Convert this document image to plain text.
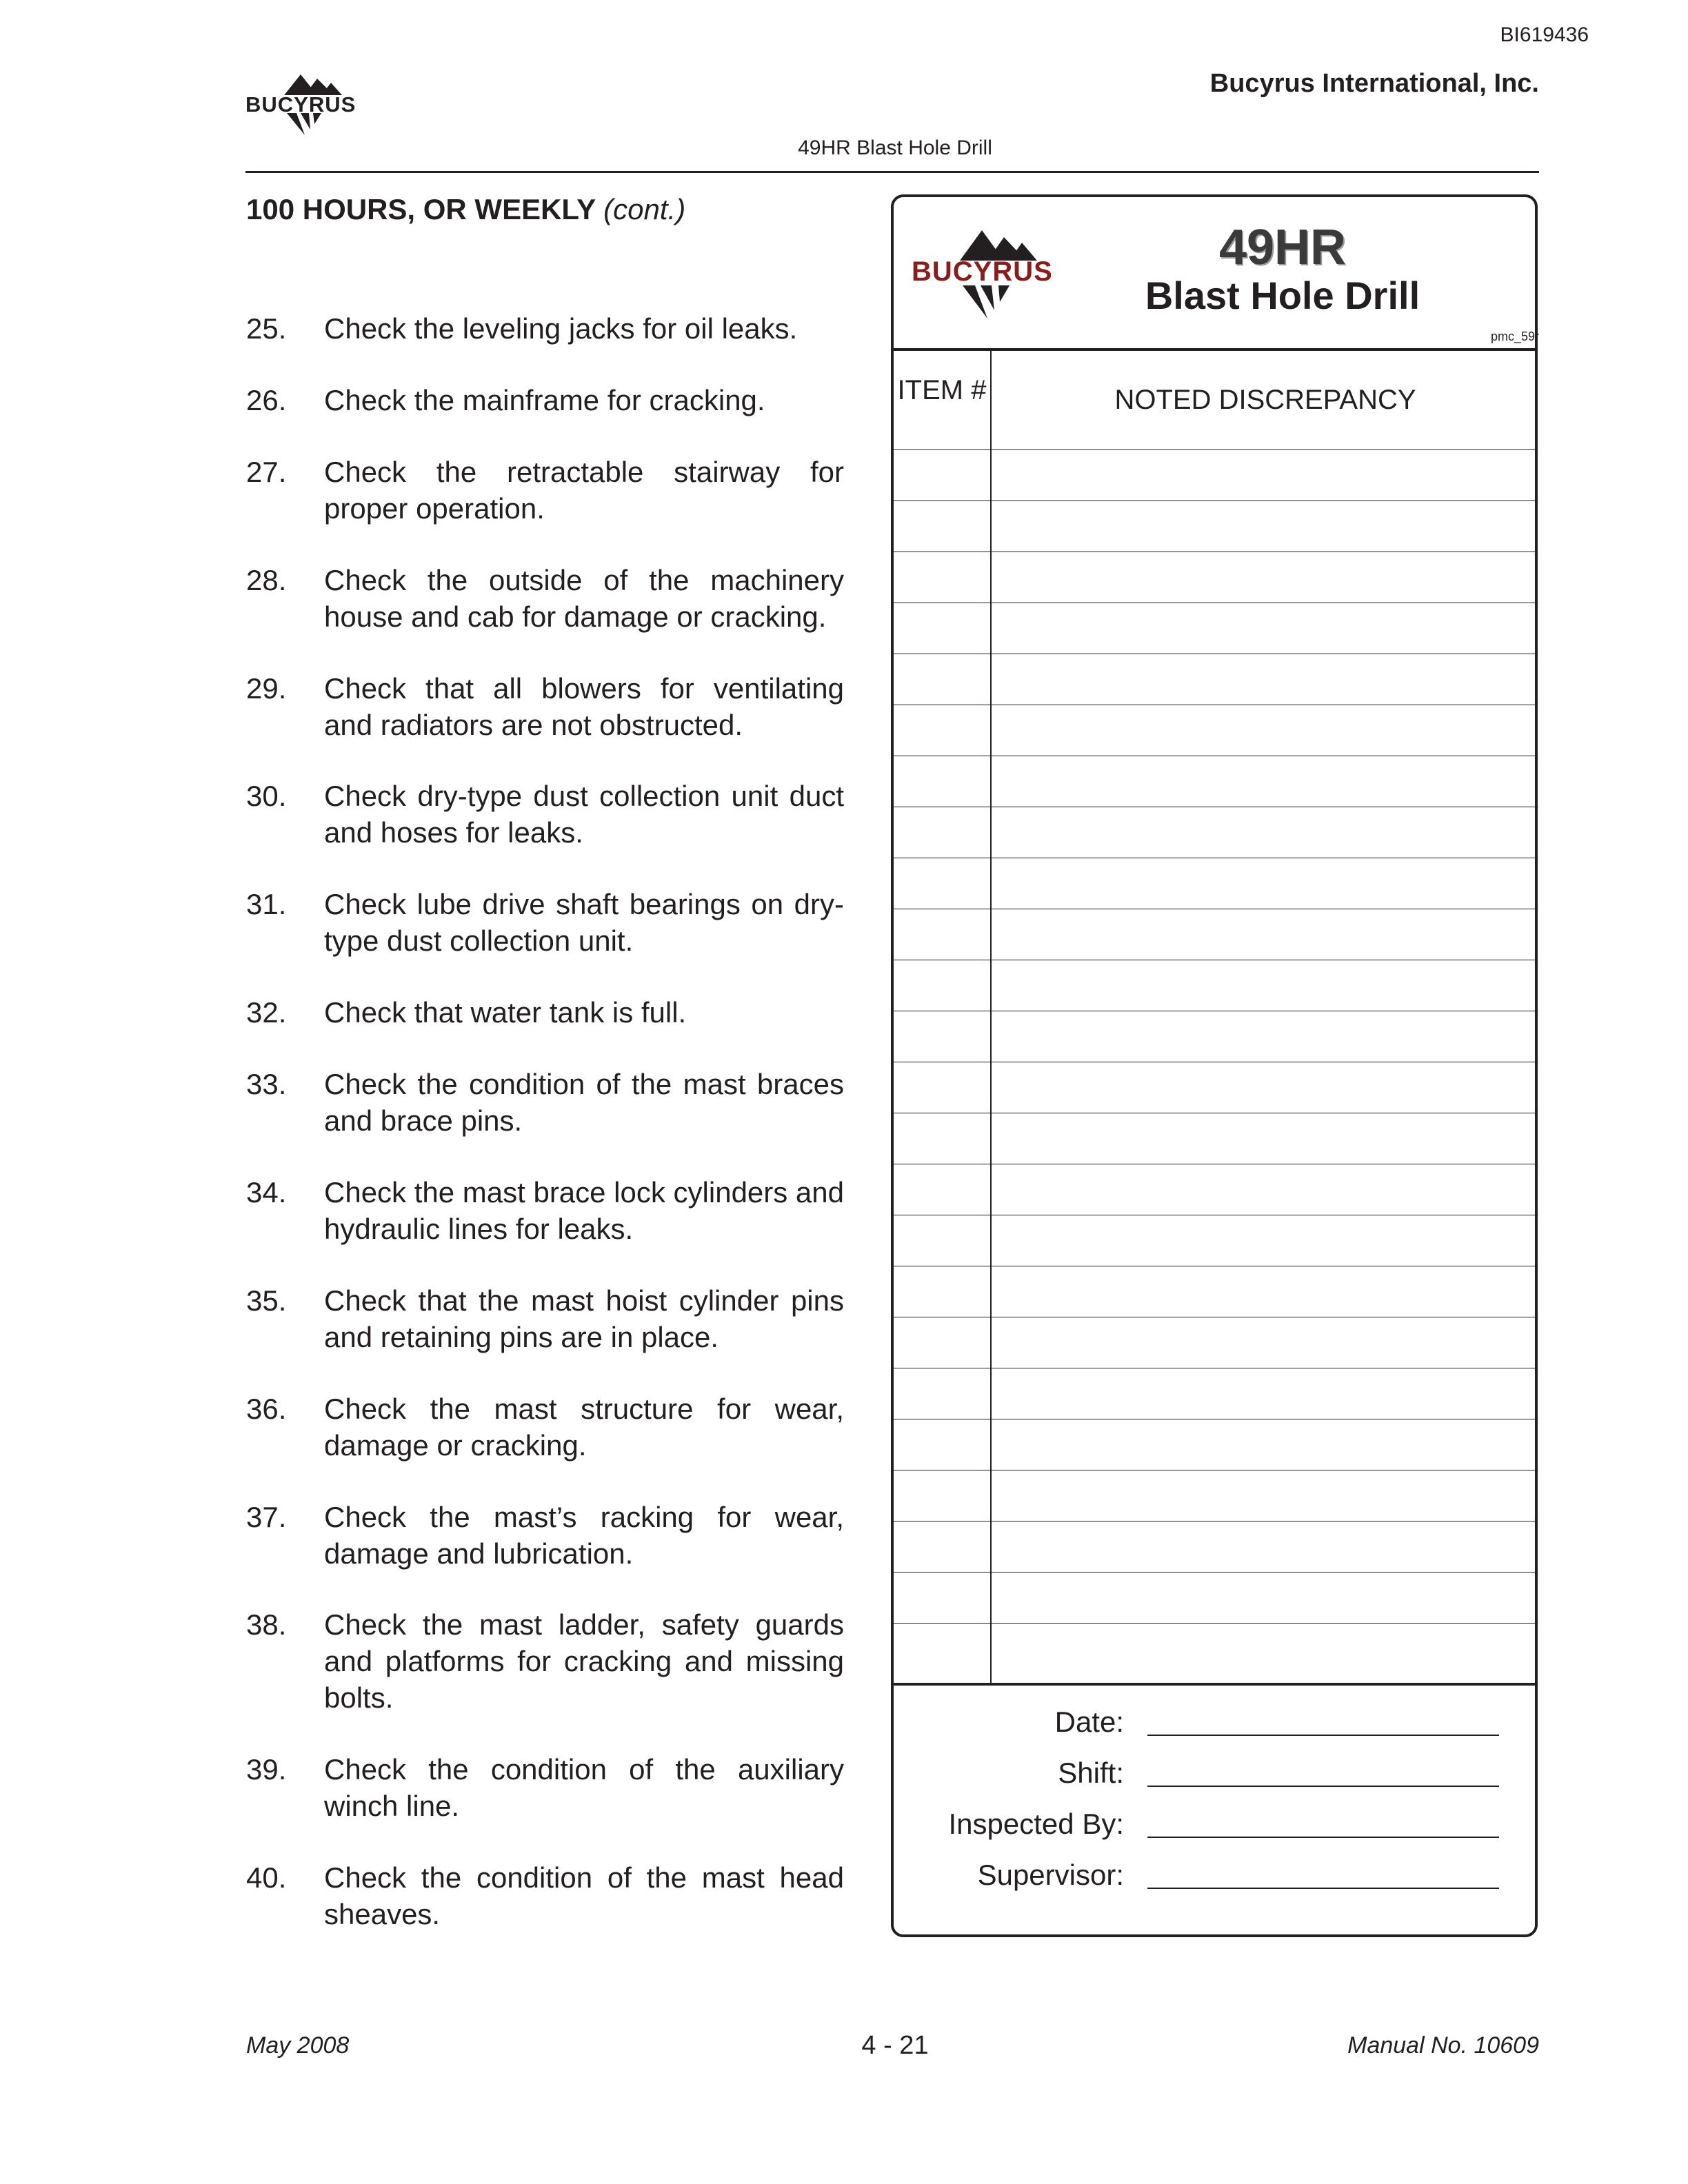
BI619436
BUCYRUS
Bucyrus International, Inc.
49HR Blast Hole Drill
100 HOURS, OR WEEKLY (cont.)
25. Check the leveling jacks for oil leaks.
26. Check the mainframe for cracking.
27. Check the retractable stairway for proper operation.
28. Check the outside of the machinery house and cab for damage or cracking.
29. Check that all blowers for ventilating and radiators are not obstructed.
30. Check dry-type dust collection unit duct and hoses for leaks.
31. Check lube drive shaft bearings on dry-type dust collection unit.
32. Check that water tank is full.
33. Check the condition of the mast braces and brace pins.
34. Check the mast brace lock cylinders and hydraulic lines for leaks.
35. Check that the mast hoist cylinder pins and retaining pins are in place.
36. Check the mast structure for wear, damage or cracking.
37. Check the mast’s racking for wear, damage and lubrication.
38. Check the mast ladder, safety guards and platforms for cracking and missing bolts.
39. Check the condition of the auxiliary winch line.
40. Check the condition of the mast head sheaves.
BUCYRUS	49HR
Blast Hole Drill
pmc_59r
ITEM #	NOTED DISCREPANCY
Date:
Shift:
Inspected By:
Supervisor:
May 2008	4 - 21	Manual No. 10609
